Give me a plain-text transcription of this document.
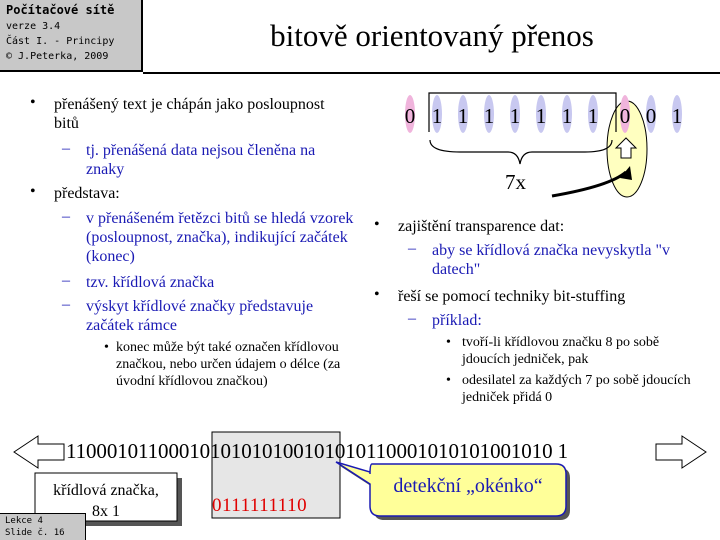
Počítačové sítě
verze 3.4
Část I. - Principy
© J.Peterka, 2009
bitově orientovaný přenos
• přenášený text je chápán jako posloupnost bitů
– tj. přenášená data nejsou členěna na znaky
• představa:
– v přenášeném řetězci bitů se hledá vzorek (posloupnost, značka), indikující začátek (konec)
– tzv. křídlová značka
– výskyt křídlové značky představuje začátek rámce
• konec může být také označen křídlovou značkou, nebo určen údajem o délce (za úvodní křídlovou značkou)
• zajištění transparence dat:
– aby se křídlová značka nevyskytla "v datech"
• řeší se pomocí techniky bit-stuffing
– příklad:
• tvoří-li křídlovou značku 8 po sobě jdoucích jedniček, pak
• odesilatel za každých 7 po sobě jdoucích jedniček přidá 0
0 1 1 1 1 1 1 1 0 0 1
7x
11000101100010101010100101010110001010101001010 1
0111111110
křídlová značka,
8x 1
detekční „okénko“
Lekce 4
Slide č. 16
